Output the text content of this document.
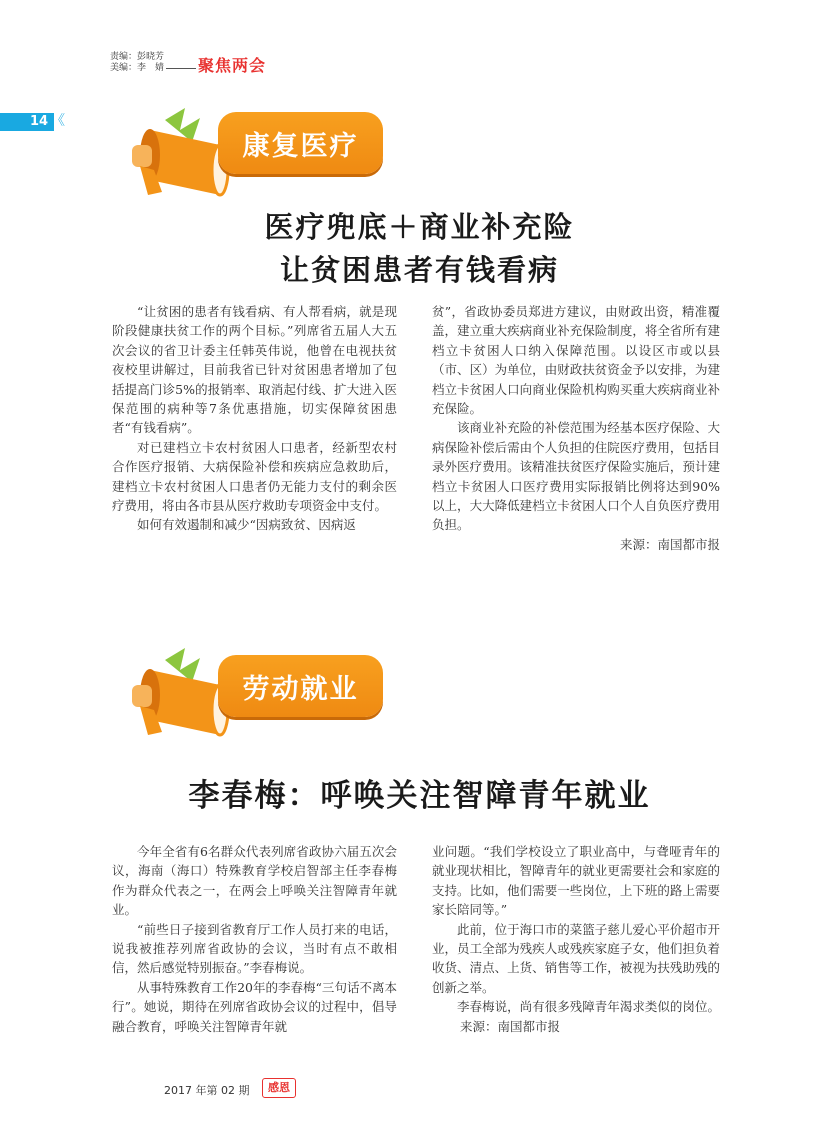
责编：彭晓芳
美编：李　婧 聚焦两会
14 《
康复医疗
医疗兜底＋商业补充险
让贫困患者有钱看病

“让贫困的患者有钱看病、有人帮看病，就是现阶段健康扶贫工作的两个目标。”列席省五届人大五次会议的省卫计委主任韩英伟说，他曾在电视扶贫夜校里讲解过，目前我省已针对贫困患者增加了包括提高门诊5%的报销率、取消起付线、扩大进入医保范围的病种等7条优惠措施，切实保障贫困患者“有钱看病”。

对已建档立卡农村贫困人口患者，经新型农村合作医疗报销、大病保险补偿和疾病应急救助后，建档立卡农村贫困人口患者仍无能力支付的剩余医疗费用，将由各市县从医疗救助专项资金中支付。

如何有效遏制和减少“因病致贫、因病返

贫”，省政协委员郑进方建议，由财政出资，精准覆盖，建立重大疾病商业补充保险制度，将全省所有建档立卡贫困人口纳入保障范围。以设区市或以县（市、区）为单位，由财政扶贫资金予以安排，为建档立卡贫困人口向商业保险机构购买重大疾病商业补充保险。

该商业补充险的补偿范围为经基本医疗保险、大病保险补偿后需由个人负担的住院医疗费用，包括目录外医疗费用。该精准扶贫医疗保险实施后，预计建档立卡贫困人口医疗费用实际报销比例将达到90%以上，大大降低建档立卡贫困人口个人自负医疗费用负担。

来源：南国都市报

劳动就业
李春梅：呼唤关注智障青年就业

今年全省有6名群众代表列席省政协六届五次会议，海南（海口）特殊教育学校启智部主任李春梅作为群众代表之一，在两会上呼唤关注智障青年就业。

“前些日子接到省教育厅工作人员打来的电话，说我被推荐列席省政协的会议，当时有点不敢相信，然后感觉特别振奋。”李春梅说。

从事特殊教育工作20年的李春梅“三句话不离本行”。她说，期待在列席省政协会议的过程中，倡导融合教育，呼唤关注智障青年就

业问题。“我们学校设立了职业高中，与聋哑青年的就业现状相比，智障青年的就业更需要社会和家庭的支持。比如，他们需要一些岗位，上下班的路上需要家长陪同等。”

此前，位于海口市的菜篮子慈儿爱心平价超市开业，员工全部为残疾人或残疾家庭子女，他们担负着收货、清点、上货、销售等工作，被视为扶残助残的创新之举。

李春梅说，尚有很多残障青年渴求类似的岗位。来源：南国都市报

2017 年第 02 期	感恩
